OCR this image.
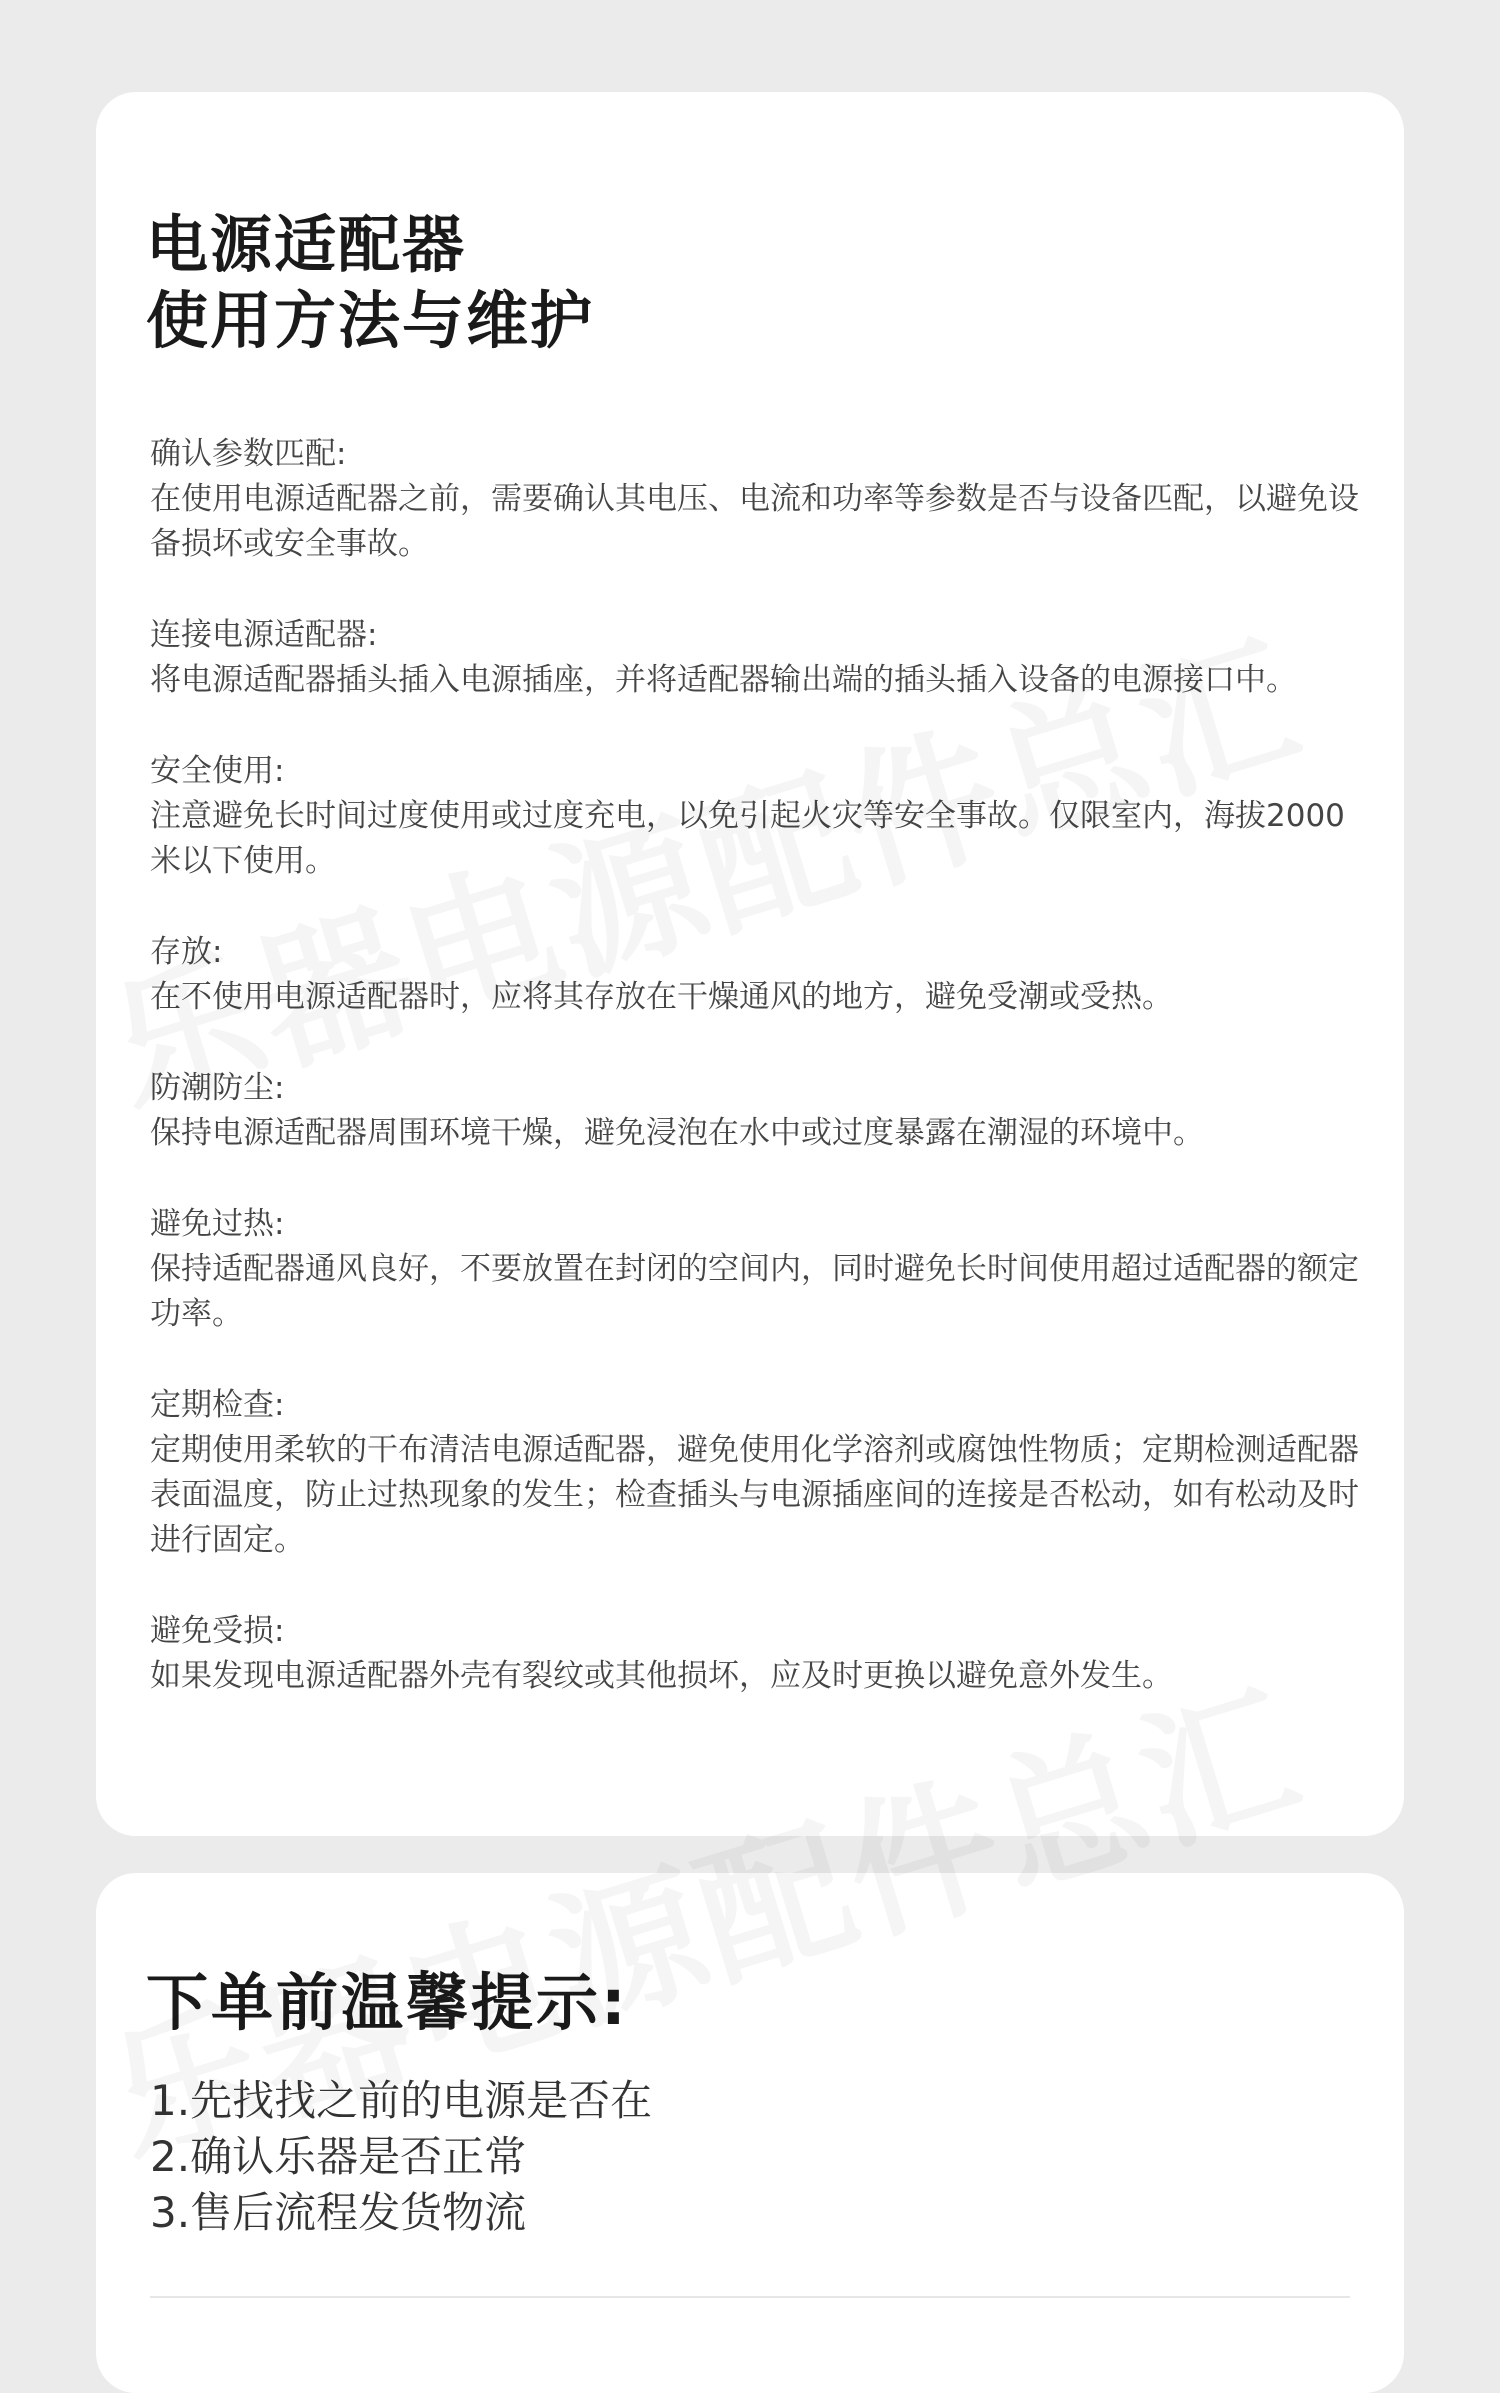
电源适配器
使用方法与维护
确认参数匹配:
在使用电源适配器之前，需要确认其电压、电流和功率等参数是否与设备匹配，以避免设备损坏或安全事故。
连接电源适配器:
将电源适配器插头插入电源插座，并将适配器输出端的插头插入设备的电源接口中。
安全使用:
注意避免长时间过度使用或过度充电，以免引起火灾等安全事故。仅限室内，海拔2000米以下使用。
存放:
在不使用电源适配器时，应将其存放在干燥通风的地方，避免受潮或受热。
防潮防尘:
保持电源适配器周围环境干燥，避免浸泡在水中或过度暴露在潮湿的环境中。
避免过热:
保持适配器通风良好，不要放置在封闭的空间内，同时避免长时间使用超过适配器的额定功率。
定期检查:
定期使用柔软的干布清洁电源适配器，避免使用化学溶剂或腐蚀性物质；定期检测适配器表面温度，防止过热现象的发生；检查插头与电源插座间的连接是否松动，如有松动及时进行固定。
避免受损:
如果发现电源适配器外壳有裂纹或其他损坏，应及时更换以避免意外发生。
下单前温馨提示:
1.先找找之前的电源是否在
2.确认乐器是否正常
3.售后流程发货物流
